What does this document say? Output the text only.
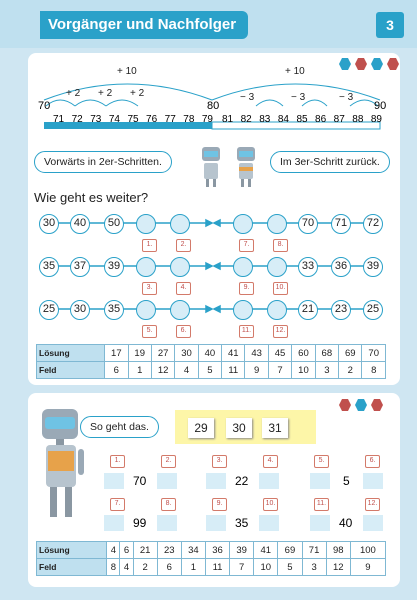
Vorgänger und Nachfolger	3
+ 10	+ 10
+ 2 + 2 + 2	− 3	− 3	− 3
70	80	90
71 72 73 74 75 76 77 78 79 81 82 83 84 85 86 87 88 89
Vorwärts in 2er-Schritten.	Im 3er-Schritt zurück.
Wie geht es weiter?
30	40	50	70	71	72
1.	2.	7.	8.
35	37	39	33	36	39
3.	4.	9.	10.
25	30	35	21	23	25
5.	6.	11.	12.
Lösung	17	19	27	30	40	41	43	45	60	68	69	70
Feld	6	1	12	4	5	11	9	7	10	3	2	8
So geht das.	29	30	31
1.	2.	3.	4.	5.	6.
70	22	5
7.	8.	9.	10.	11.	12.
99	35	40
Lösung	4	6	21	23	34	36	39	41	69	71	98	100
Feld	8	4	2	6	1	11	7	10	5	3	12	9
